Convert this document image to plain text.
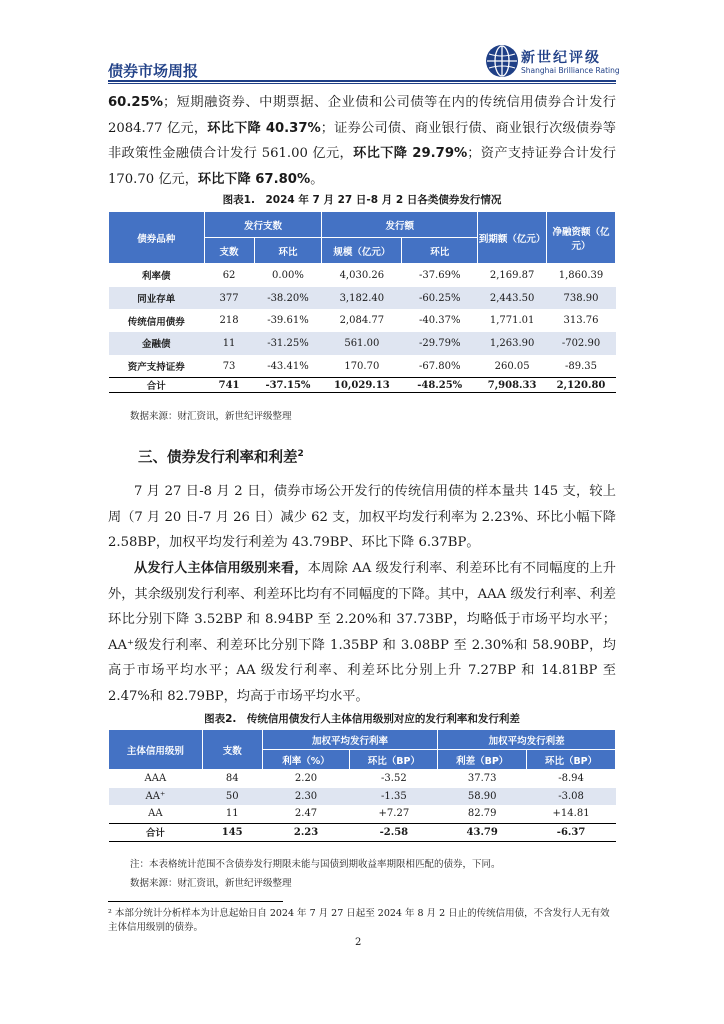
债券市场周报
新世纪评级
Shanghai Brilliance Rating

60.25%；短期融资券、中期票据、企业债和公司债等在内的传统信用债券合计发行 2084.77 亿元，环比下降 40.37%；证券公司债、商业银行债、商业银行次级债券等非政策性金融债合计发行 561.00 亿元，环比下降 29.79%；资产支持证券合计发行 170.70 亿元，环比下降 67.80%。

图表1.　2024 年 7 月 27 日-8 月 2 日各类债券发行情况
债券品种	发行支数		发行额		到期额（亿元）	净融资额（亿元）
	支数	环比	规模（亿元）	环比		
利率债	62	0.00%	4,030.26	-37.69%	2,169.87	1,860.39
同业存单	377	-38.20%	3,182.40	-60.25%	2,443.50	738.90
传统信用债券	218	-39.61%	2,084.77	-40.37%	1,771.01	313.76
金融债	11	-31.25%	561.00	-29.79%	1,263.90	-702.90
资产支持证券	73	-43.41%	170.70	-67.80%	260.05	-89.35
合计	741	-37.15%	10,029.13	-48.25%	7,908.33	2,120.80
数据来源：财汇资讯，新世纪评级整理
三、债券发行利率和利差$^2$

7 月 27 日-8 月 2 日，债券市场公开发行的传统信用债的样本量共 145 支，较上周（7 月 20 日-7 月 26 日）减少 62 支，加权平均发行利率为 2.23%、环比小幅下降 2.58BP，加权平均发行利差为 43.79BP、环比下降 6.37BP。

从发行人主体信用级别来看，本周除 AA 级发行利率、利差环比有不同幅度的上升外，其余级别发行利率、利差环比均有不同幅度的下降。其中，AAA 级发行利率、利差环比分别下降 3.52BP 和 8.94BP 至 2.20%和 37.73BP，均略低于市场平均水平；AA⁺级发行利率、利差环比分别下降 1.35BP 和 3.08BP 至 2.30%和 58.90BP，均高于市场平均水平；AA 级发行利率、利差环比分别上升 7.27BP 和 14.81BP 至 2.47%和 82.79BP，均高于市场平均水平。

图表2.　传统信用债发行人主体信用级别对应的发行利率和发行利差
主体信用级别	支数	加权平均发行利率		加权平均发行利差	
		利率（%）	环比（BP）	利差（BP）	环比（BP）
AAA	84	2.20	-3.52	37.73	-8.94
AA⁺	50	2.30	-1.35	58.90	-3.08
AA	11	2.47	+7.27	82.79	+14.81
合计	145	2.23	-2.58	43.79	-6.37
注：本表格统计范围不含债券发行期限未能与国债到期收益率期限相匹配的债券，下同。
数据来源：财汇资讯，新世纪评级整理

² 本部分统计分析样本为计息起始日自 2024 年 7 月 27 日起至 2024 年 8 月 2 日止的传统信用债，不含发行人无有效主体信用级别的债券。

2
